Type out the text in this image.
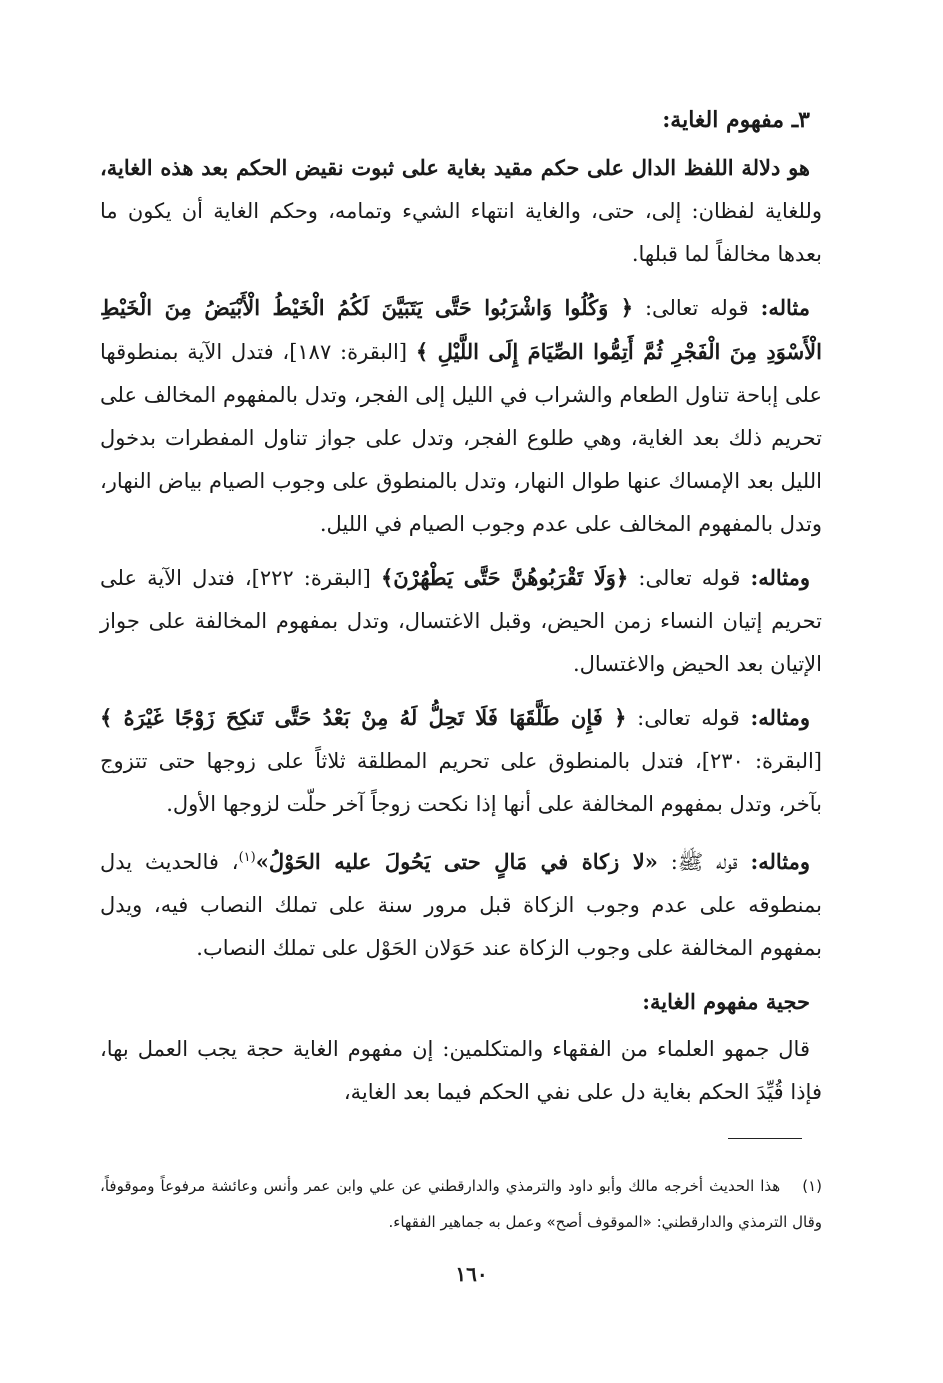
٣ـ مفهوم الغاية:

هو دلالة اللفظ الدال على حكم مقيد بغاية على ثبوت نقيض الحكم بعد هذه الغاية، وللغاية لفظان: إلى، حتى، والغاية انتهاء الشيء وتمامه، وحكم الغاية أن يكون ما بعدها مخالفاً لما قبلها.

مثاله: قوله تعالى: ﴿ وَكُلُوا وَاشْرَبُوا حَتَّى يَتَبَيَّنَ لَكُمُ الْخَيْطُ الْأَبْيَضُ مِنَ الْخَيْطِ الْأَسْوَدِ مِنَ الْفَجْرِ ثُمَّ أَتِمُّوا الصِّيَامَ إِلَى اللَّيْلِ ﴾ [البقرة: ١٨٧]، فتدل الآية بمنطوقها على إباحة تناول الطعام والشراب في الليل إلى الفجر، وتدل بالمفهوم المخالف على تحريم ذلك بعد الغاية، وهي طلوع الفجر، وتدل على جواز تناول المفطرات بدخول الليل بعد الإمساك عنها طوال النهار، وتدل بالمنطوق على وجوب الصيام بياض النهار، وتدل بالمفهوم المخالف على عدم وجوب الصيام في الليل.

ومثاله: قوله تعالى: ﴿وَلَا تَقْرَبُوهُنَّ حَتَّى يَطْهُرْنَ﴾ [البقرة: ٢٢٢]، فتدل الآية على تحريم إتيان النساء زمن الحيض، وقبل الاغتسال، وتدل بمفهوم المخالفة على جواز الإتيان بعد الحيض والاغتسال.

ومثاله: قوله تعالى: ﴿ فَإِن طَلَّقَهَا فَلَا تَحِلُّ لَهُ مِنْ بَعْدُ حَتَّى تَنكِحَ زَوْجًا غَيْرَهُ ﴾ [البقرة: ٢٣٠]، فتدل بالمنطوق على تحريم المطلقة ثلاثاً على زوجها حتى تتزوج بآخر، وتدل بمفهوم المخالفة على أنها إذا نكحت زوجاً آخر حلّت لزوجها الأول.

ومثاله: قوله ﷺ: «لا زكاة في مَالٍ حتى يَحُولَ عليه الحَوْلُ»$^{(١)}$، فالحديث يدل بمنطوقه على عدم وجوب الزكاة قبل مرور سنة على تملك النصاب فيه، ويدل بمفهوم المخالفة على وجوب الزكاة عند حَوَلان الحَوْل على تملك النصاب.

حجية مفهوم الغاية:

قال جمهو العلماء من الفقهاء والمتكلمين: إن مفهوم الغاية حجة يجب العمل بها، فإذا قُيِّدَ الحكم بغاية دل على نفي الحكم فيما بعد الغاية،

(١)هذا الحديث أخرجه مالك وأبو داود والترمذي والدارقطني عن علي وابن عمر وأنس وعائشة مرفوعاً وموقوفاً، وقال الترمذي والدارقطني: «الموقوف أصح» وعمل به جماهير الفقهاء.
١٦٠
